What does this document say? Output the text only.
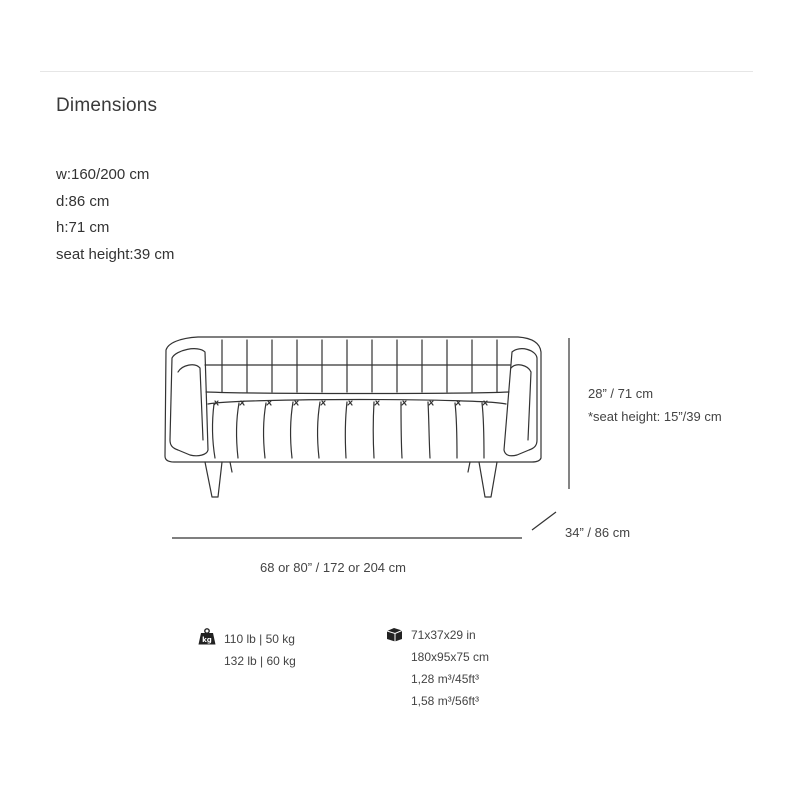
Dimensions
w:160/200 cm
d:86 cm
h:71 cm
seat height:39 cm
28” / 71 cm
*seat height: 15”/39 cm
34” / 86 cm
68 or 80” / 172 or 204 cm
kg 110 lb | 50 kg
132 lb | 60 kg
71x37x29 in
180x95x75 cm
1,28 m³/45ft³
1,58 m³/56ft³
